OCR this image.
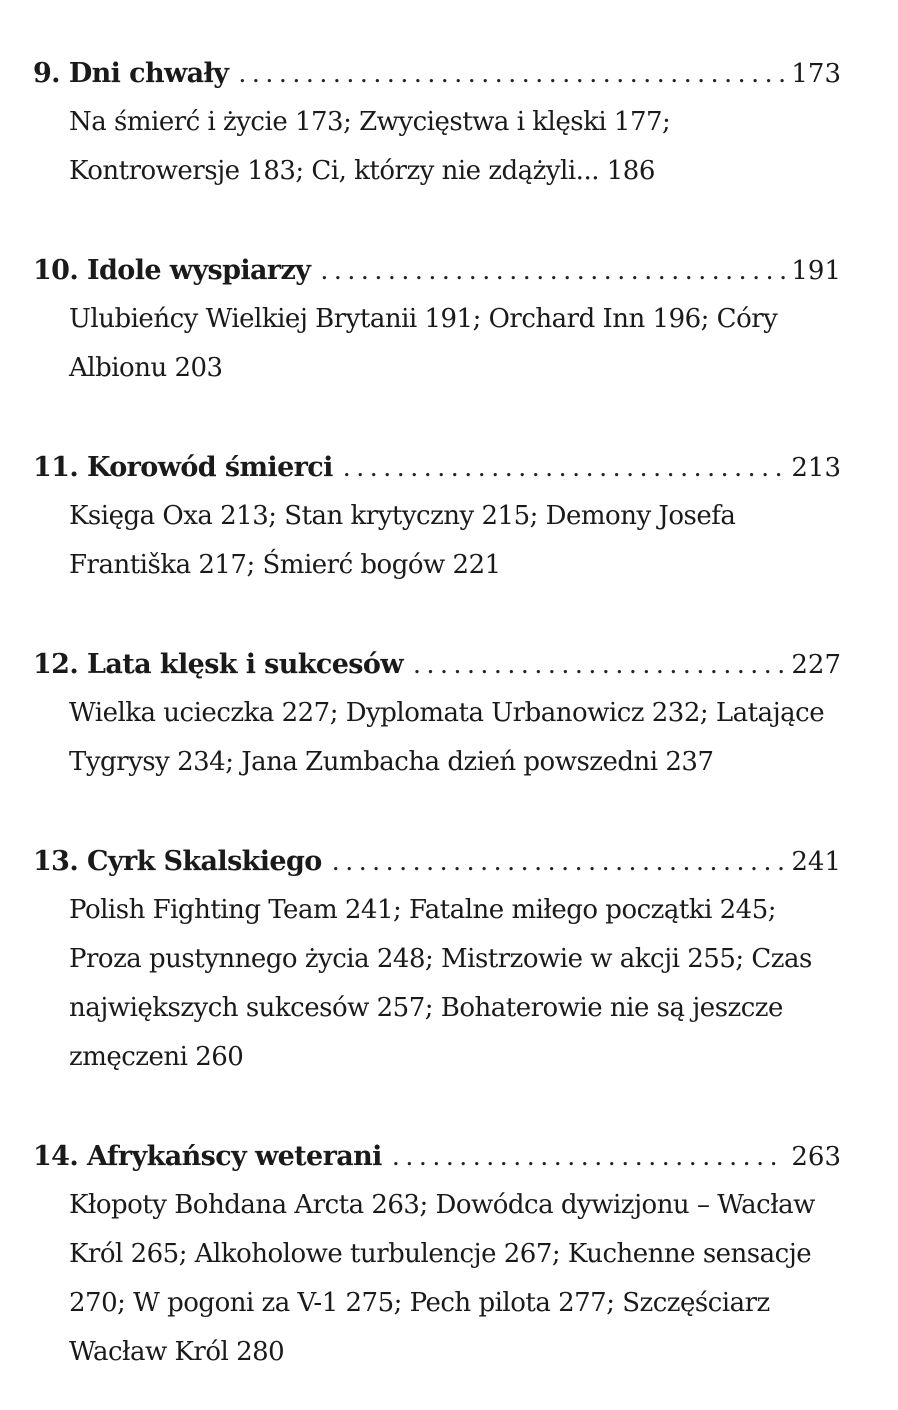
9. Dni chwały . . .	173
Na śmierć i życie 173; Zwycięstwa i klęski 177; Kontrowersje 183; Ci, którzy nie zdążyli... 186
10. Idole wyspiarzy . . .	191
Ulubieńcy Wielkiej Brytanii 191; Orchard Inn 196; Córy Albionu 203
11. Korowód śmierci . . .	213
Księga Oxa 213; Stan krytyczny 215; Demony Josefa Františka 217; Śmierć bogów 221
12. Lata klęsk i sukcesów . . .	227
Wielka ucieczka 227; Dyplomata Urbanowicz 232; Latające Tygrysy 234; Jana Zumbacha dzień powszedni 237
13. Cyrk Skalskiego . . .	241
Polish Fighting Team 241; Fatalne miłego początki 245; Proza pustynnego życia 248; Mistrzowie w akcji 255; Czas największych sukcesów 257; Bohaterowie nie są jeszcze zmęczeni 260
14. Afrykańscy weterani . . .	263
Kłopoty Bohdana Arcta 263; Dowódca dywizjonu – Wacław Król 265; Alkoholowe turbulencje 267; Kuchenne sensacje 270; W pogoni za V-1 275; Pech pilota 277; Szczęściarz Wacław Król 280
